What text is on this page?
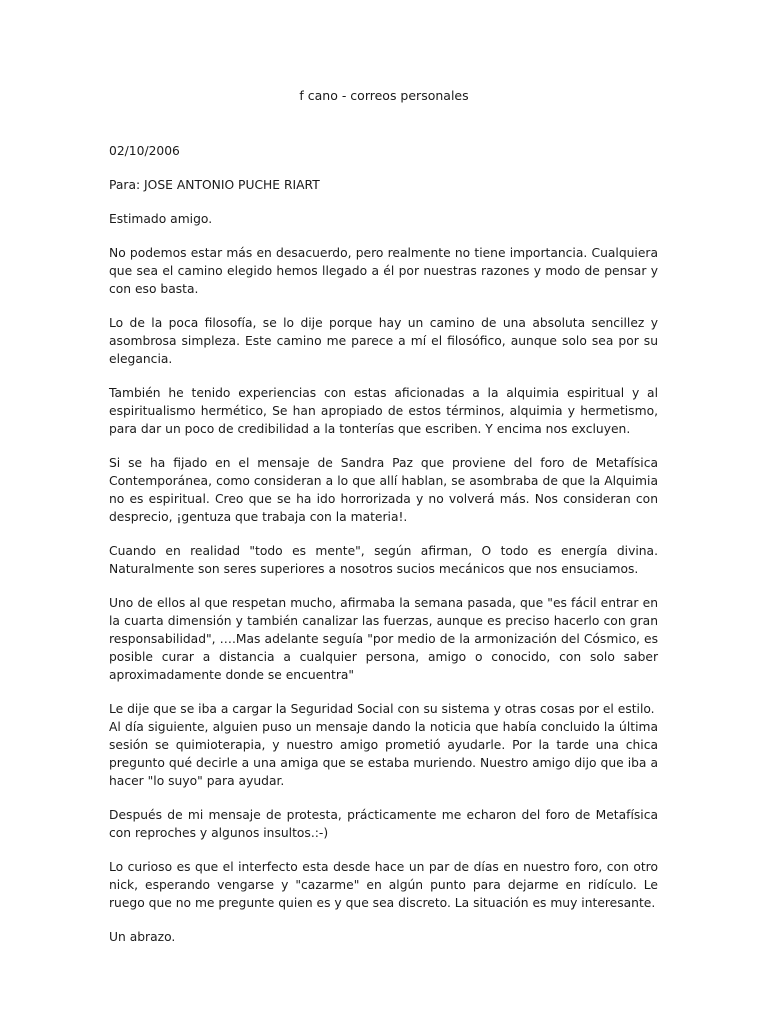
f cano - correos personales

02/10/2006

Para: JOSE ANTONIO PUCHE RIART

Estimado amigo.

No podemos estar más en desacuerdo, pero realmente no tiene importancia. Cualquiera que sea el camino elegido hemos llegado a él por nuestras razones y modo de pensar y con eso basta.

Lo de la poca filosofía, se lo dije porque hay un camino de una absoluta sencillez y asombrosa simpleza. Este camino me parece a mí el filosófico, aunque solo sea por su elegancia.

También he tenido experiencias con estas aficionadas a la alquimia espiritual y al espiritualismo hermético, Se han apropiado de estos términos, alquimia y hermetismo, para dar un poco de credibilidad a la tonterías que escriben. Y encima nos excluyen.

Si se ha fijado en el mensaje de Sandra Paz que proviene del foro de Metafísica Contemporánea, como consideran a lo que allí hablan, se asombraba de que la Alquimia no es espiritual. Creo que se ha ido horrorizada y no volverá más. Nos consideran con desprecio, ¡gentuza que trabaja con la materia!.

Cuando en realidad "todo es mente", según afirman, O todo es energía divina. Naturalmente son seres superiores a nosotros sucios mecánicos que nos ensuciamos.

Uno de ellos al que respetan mucho, afirmaba la semana pasada, que "es fácil entrar en la cuarta dimensión y también canalizar las fuerzas, aunque es preciso hacerlo con gran responsabilidad", ….Mas adelante seguía "por medio de la armonización del Cósmico, es posible curar a distancia a cualquier persona, amigo o conocido, con solo saber aproximadamente donde se encuentra"

Le dije que se iba a cargar la Seguridad Social con su sistema y otras cosas por el estilo.

Al día siguiente, alguien puso un mensaje dando la noticia que había concluido la última sesión se quimioterapia, y nuestro amigo prometió ayudarle. Por la tarde una chica pregunto qué decirle a una amiga que se estaba muriendo. Nuestro amigo dijo que iba a hacer "lo suyo" para ayudar.

Después de mi mensaje de protesta, prácticamente me echaron del foro de Metafísica con reproches y algunos insultos.:-)

Lo curioso es que el interfecto esta desde hace un par de días en nuestro foro, con otro nick, esperando vengarse y "cazarme" en algún punto para dejarme en ridículo. Le ruego que no me pregunte quien es y que sea discreto. La situación es muy interesante.

Un abrazo.
